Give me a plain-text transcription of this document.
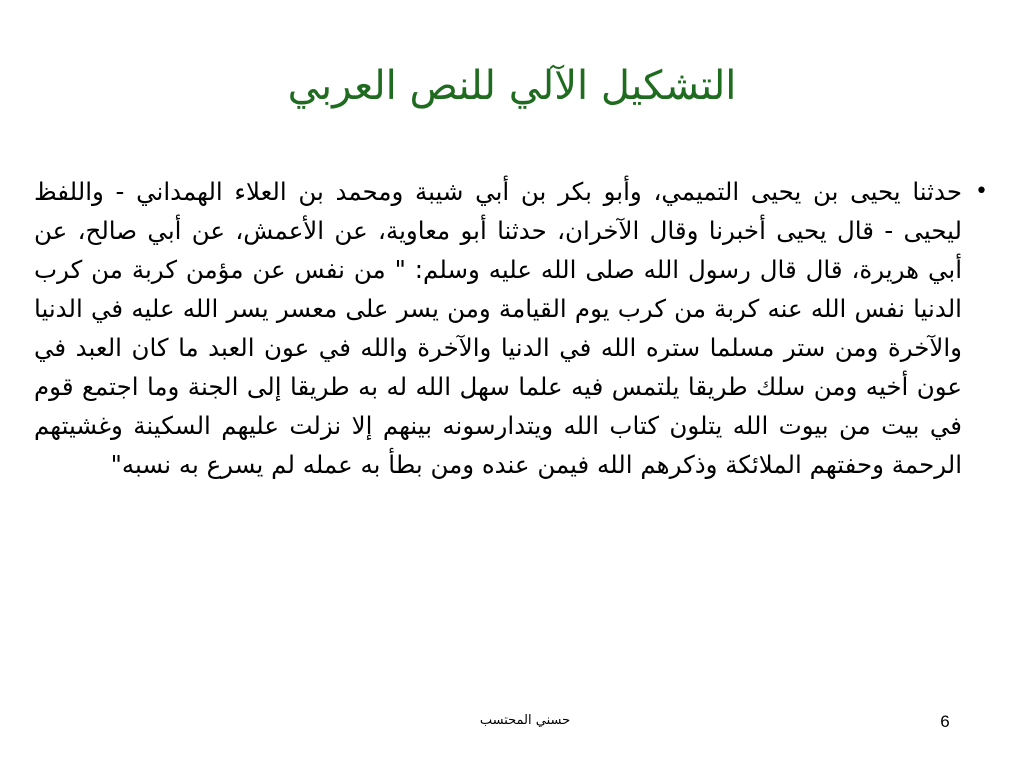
التشكيل الآلي للنص العربي
•
حدثنا يحيى بن يحيى التميمي، وأبو بكر بن أبي شيبة ومحمد بن العلاء الهمداني - واللفظ ليحيى - قال يحيى أخبرنا وقال الآخران، حدثنا أبو معاوية، عن الأعمش، عن أبي صالح، عن أبي هريرة، قال قال رسول الله صلى الله عليه وسلم: " من نفس عن مؤمن كربة من كرب الدنيا نفس الله عنه كربة من كرب يوم القيامة ومن يسر على معسر يسر الله عليه في الدنيا والآخرة ومن ستر مسلما ستره الله في الدنيا والآخرة والله في عون العبد ما كان العبد في عون أخيه ومن سلك طريقا يلتمس فيه علما سهل الله له به طريقا إلى الجنة وما اجتمع قوم في بيت من بيوت الله يتلون كتاب الله ويتدارسونه بينهم إلا نزلت عليهم السكينة وغشيتهم الرحمة وحفتهم الملائكة وذكرهم الله فيمن عنده ومن بطأ به عمله لم يسرع به نسبه"
حسني المحتسب	6
